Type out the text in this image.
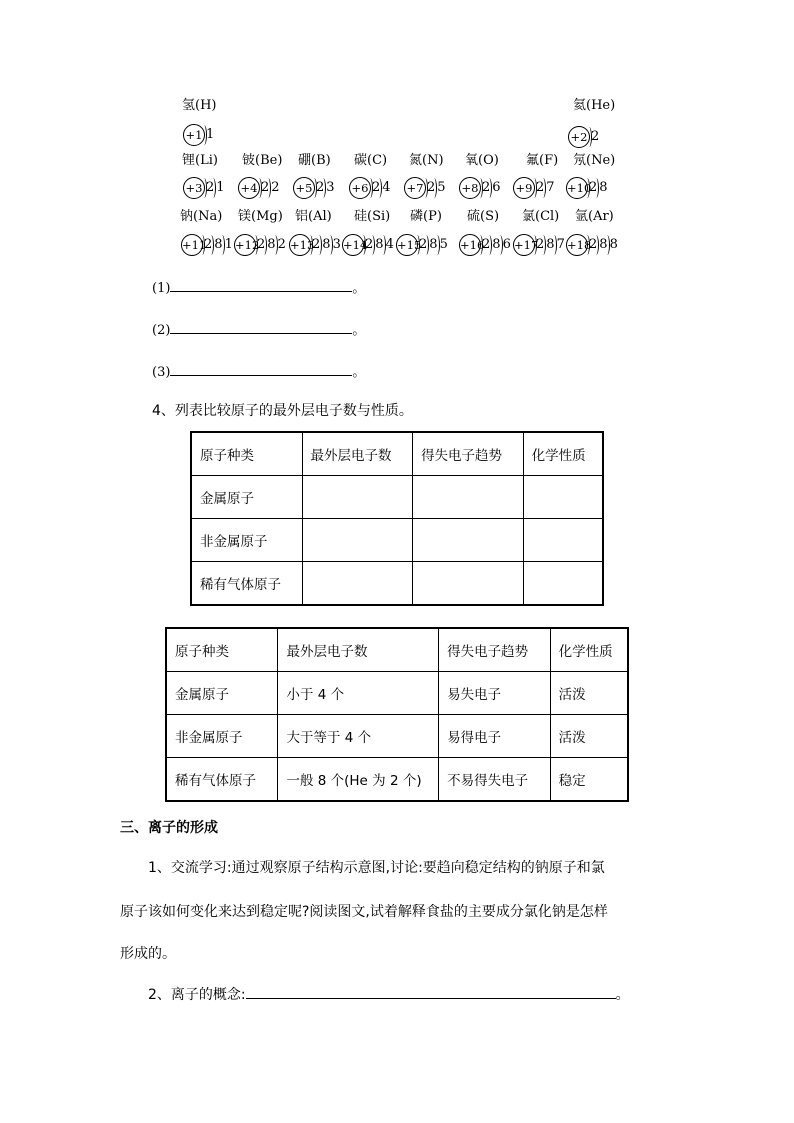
氢(H)
+1 1
氦(He)
+2 2
锂(Li) 铍(Be) 硼(B) 碳(C) 氮(N) 氧(O) 氟(F) 氖(Ne)
+3 2 1 +4 2 2 +5 2 3 +6 2 4 +7 2 5 +8 2 6 +9 2 7 +102 8
钠(Na) 镁(Mg) 铝(Al) 硅(Si) 磷(P) 硫(S) 氯(Cl) 氩(Ar)
+112 8 1 +122 8 2 +132 8 3 +142 8 4 +152 8 5 +162 8 6 +172 8 7 +182 8 8
(1)	。
(2)	。
(3)	。
4、列表比较原子的最外层电子数与性质。
原子种类	最外层电子数	得失电子趋势	化学性质
金属原子			
非金属原子			
稀有气体原子			
原子种类	最外层电子数	得失电子趋势	化学性质
金属原子	小于 4 个	易失电子	活泼
非金属原子	大于等于 4 个	易得电子	活泼
稀有气体原子	一般 8 个(He 为 2 个)	不易得失电子	稳定
三、离子的形成
1、交流学习:通过观察原子结构示意图,讨论:要趋向稳定结构的钠原子和氯
原子该如何变化来达到稳定呢?阅读图文,试着解释食盐的主要成分氯化钠是怎样
形成的。
2、离子的概念:	。
